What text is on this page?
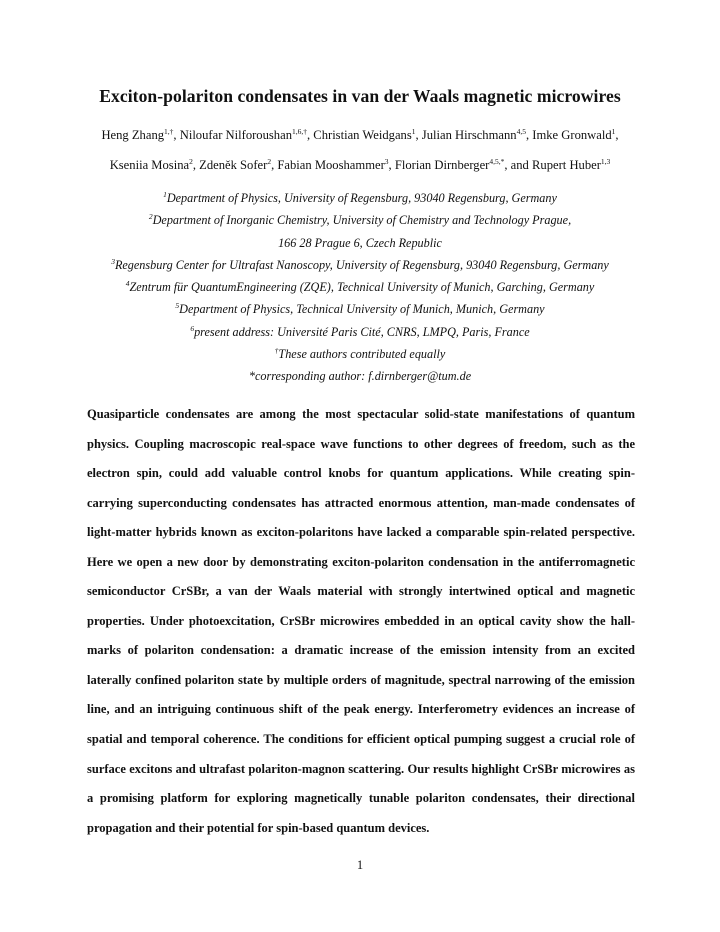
Exciton-polariton condensates in van der Waals magnetic microwires
Heng Zhang$^{1,\dagger}$, Niloufar Nilforoushan$^{1,6,\dagger}$, Christian Weidgans$^1$, Julian Hirschmann$^{4,5}$, Imke Gronwald$^1$,
Kseniia Mosina$^2$, Zdeněk Sofer$^2$, Fabian Mooshammer$^3$, Florian Dirnberger$^{4,5,*}$, and Rupert Huber$^{1,3}$
$^1$Department of Physics, University of Regensburg, 93040 Regensburg, Germany
$^2$Department of Inorganic Chemistry, University of Chemistry and Technology Prague,
166 28 Prague 6, Czech Republic
$^3$Regensburg Center for Ultrafast Nanoscopy, University of Regensburg, 93040 Regensburg, Germany
$^4$Zentrum für QuantumEngineering (ZQE), Technical University of Munich, Garching, Germany
$^5$Department of Physics, Technical University of Munich, Munich, Germany
$^6$present address: Université Paris Cité, CNRS, LMPQ, Paris, France
†These authors contributed equally
*corresponding author: f.dirnberger@tum.de
Quasiparticle condensates are among the most spectacular solid-state manifestations of quantum physics. Coupling macroscopic real-space wave functions to other degrees of freedom, such as the electron spin, could add valuable control knobs for quantum applications. While creating spin-carrying superconducting condensates has attracted enormous attention, man-made condensates of light-matter hybrids known as exciton-polaritons have lacked a comparable spin-related perspective. Here we open a new door by demonstrating exciton-polariton condensation in the antiferromagnetic semiconductor CrSBr, a van der Waals material with strongly intertwined optical and magnetic properties. Under photoexcitation, CrSBr microwires embedded in an optical cavity show the hall-marks of polariton condensation: a dramatic increase of the emission intensity from an excited laterally confined polariton state by multiple orders of magnitude, spectral narrowing of the emission line, and an intriguing continuous shift of the peak energy. Interferometry evidences an increase of spatial and temporal coherence. The conditions for efficient optical pumping suggest a crucial role of surface excitons and ultrafast polariton-magnon scattering. Our results highlight CrSBr microwires as a promising platform for exploring magnetically tunable polariton condensates, their directional propagation and their potential for spin-based quantum devices.
1
